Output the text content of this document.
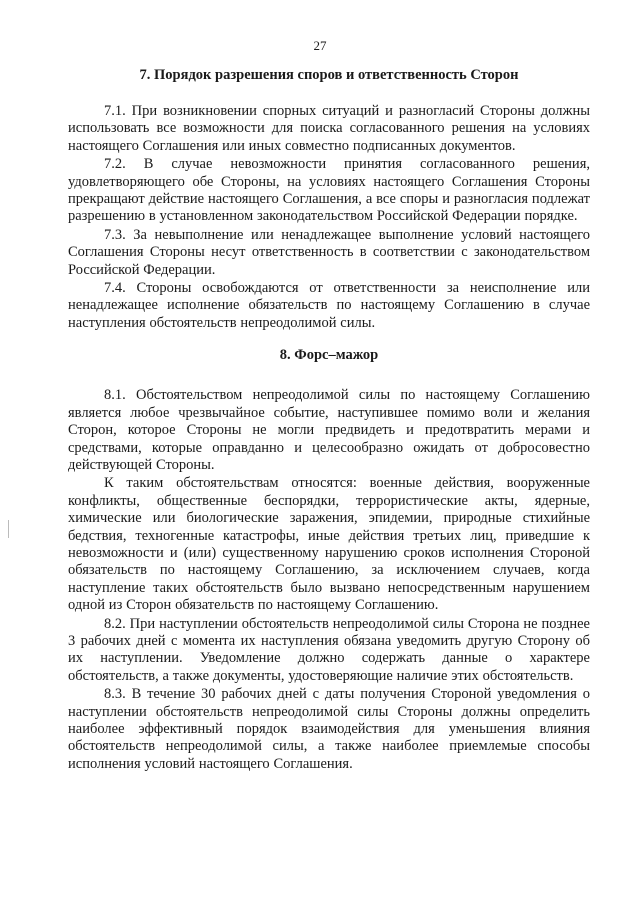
27
7. Порядок разрешения споров и ответственность Сторон

7.1. При возникновении спорных ситуаций и разногласий Стороны должны использовать все возможности для поиска согласованного решения на условиях настоящего Соглашения или иных совместно подписанных документов.

7.2. В случае невозможности принятия согласованного решения, удовлетворяющего обе Стороны, на условиях настоящего Соглашения Стороны прекращают действие настоящего Соглашения, а все споры и разногласия подлежат разрешению в установленном законодательством Российской Федерации порядке.

7.3. За невыполнение или ненадлежащее выполнение условий настоящего Соглашения Стороны несут ответственность в соответствии с законодательством Российской Федерации.

7.4. Стороны освобождаются от ответственности за неисполнение или ненадлежащее исполнение обязательств по настоящему Соглашению в случае наступления обстоятельств непреодолимой силы.

8. Форс–мажор

8.1. Обстоятельством непреодолимой силы по настоящему Соглашению является любое чрезвычайное событие, наступившее помимо воли и желания Сторон, которое Стороны не могли предвидеть и предотвратить мерами и средствами, которые оправданно и целесообразно ожидать от добросовестно действующей Стороны.

К таким обстоятельствам относятся: военные действия, вооруженные конфликты, общественные беспорядки, террористические акты, ядерные, химические или биологические заражения, эпидемии, природные стихийные бедствия, техногенные катастрофы, иные действия третьих лиц, приведшие к невозможности и (или) существенному нарушению сроков исполнения Стороной обязательств по настоящему Соглашению, за исключением случаев, когда наступление таких обстоятельств было вызвано непосредственным нарушением одной из Сторон обязательств по настоящему Соглашению.

8.2. При наступлении обстоятельств непреодолимой силы Сторона не позднее 3 рабочих дней с момента их наступления обязана уведомить другую Сторону об их наступлении. Уведомление должно содержать данные о характере обстоятельств, а также документы, удостоверяющие наличие этих обстоятельств.

8.3. В течение 30 рабочих дней с даты получения Стороной уведомления о наступлении обстоятельств непреодолимой силы Стороны должны определить наиболее эффективный порядок взаимодействия для уменьшения влияния обстоятельств непреодолимой силы, а также наиболее приемлемые способы исполнения условий настоящего Соглашения.
